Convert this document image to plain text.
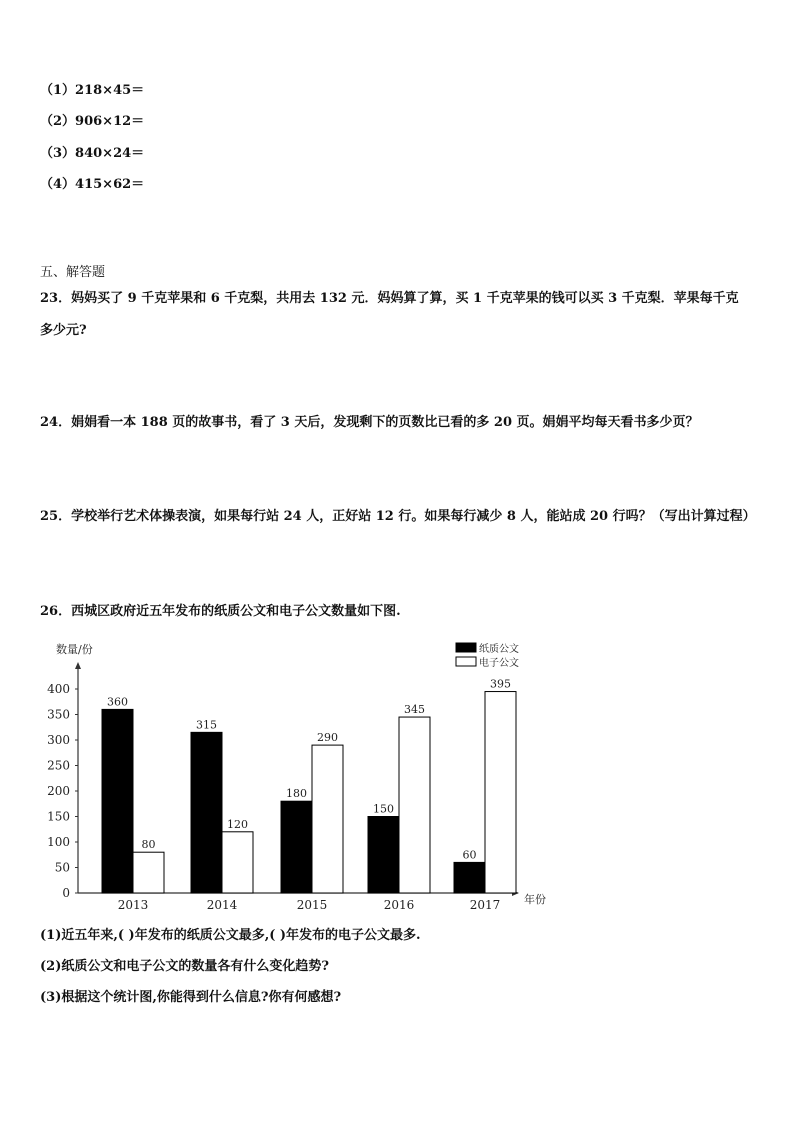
（1）218×45＝
（2）906×12＝
（3）840×24＝
（4）415×62＝
五、解答题
23．妈妈买了 9 千克苹果和 6 千克梨，共用去 132 元．妈妈算了算，买 1 千克苹果的钱可以买 3 千克梨．苹果每千克
多少元?
24．娟娟看一本 188 页的故事书，看了 3 天后，发现剩下的页数比已看的多 20 页。娟娟平均每天看书多少页？
25．学校举行艺术体操表演，如果每行站 24 人，正好站 12 行。如果每行减少 8 人，能站成 20 行吗？（写出计算过程）
26．西城区政府近五年发布的纸质公文和电子公文数量如下图.
数量/份
年份
0
50
100
150
200
250
300
350
400
360
80
2013
315
120
2014
180
290
2015
150
345
2016
60
395
2017
纸质公文
电子公文
(1)近五年来,( )年发布的纸质公文最多,( )年发布的电子公文最多.
(2)纸质公文和电子公文的数量各有什么变化趋势?
(3)根据这个统计图,你能得到什么信息?你有何感想?
